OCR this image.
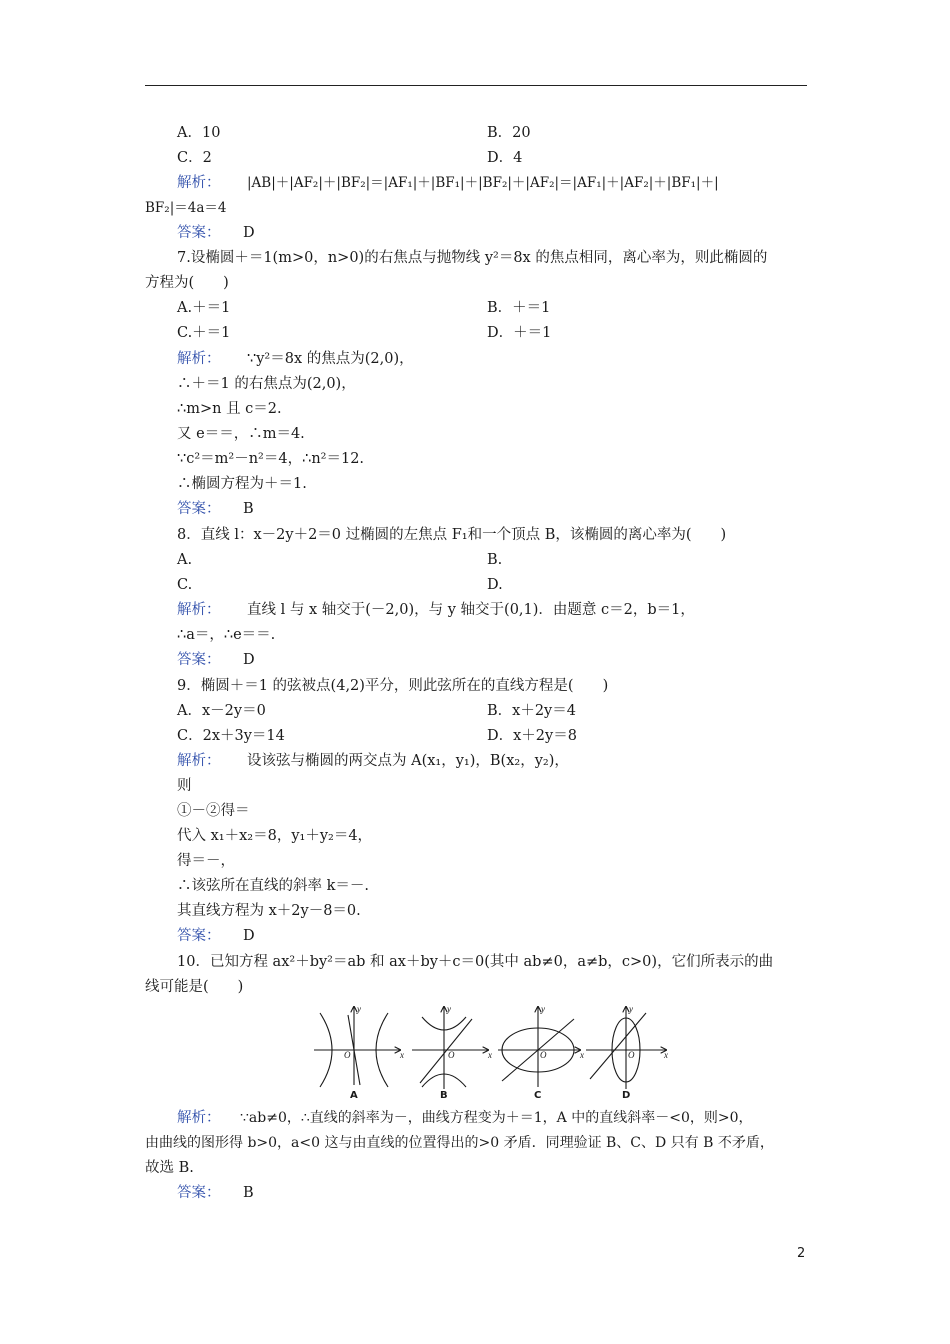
A．10	B．20
C．2	D．4
解析： |AB|＋|AF₂|＋|BF₂|＝|AF₁|＋|BF₁|＋|BF₂|＋|AF₂|＝|AF₁|＋|AF₂|＋|BF₁|＋|
BF₂|＝4a＝4
答案： D
7.设椭圆＋＝1(m>0，n>0)的右焦点与抛物线 y²＝8x 的焦点相同，离心率为，则此椭圆的
方程为(　　)
A.＋＝1	B．＋＝1
C.＋＝1	D．＋＝1
解析： ∵y²＝8x 的焦点为(2,0)，
∴＋＝1 的右焦点为(2,0)，
∴m>n 且 c＝2.
又 e＝＝，∴m＝4.
∵c²＝m²－n²＝4，∴n²＝12.
∴椭圆方程为＋＝1.
答案： B
8．直线 l：x－2y＋2＝0 过椭圆的左焦点 F₁和一个顶点 B，该椭圆的离心率为(　　)
A.	B.
C.	D.
解析： 直线 l 与 x 轴交于(－2,0)，与 y 轴交于(0,1)．由题意 c＝2，b＝1，
∴a＝，∴e＝＝.
答案： D
9．椭圆＋＝1 的弦被点(4,2)平分，则此弦所在的直线方程是(　　)
A．x－2y＝0	B．x＋2y＝4
C．2x＋3y＝14	D．x＋2y＝8
解析： 设该弦与椭圆的两交点为 A(x₁，y₁)，B(x₂，y₂)，
则
①－②得＝
代入 x₁＋x₂＝8，y₁＋y₂＝4，
得＝－，
∴该弦所在直线的斜率 k＝－.
其直线方程为 x＋2y－8＝0.
答案： D
10．已知方程 ax²＋by²＝ab 和 ax＋by＋c＝0(其中 ab≠0，a≠b，c>0)，它们所表示的曲
线可能是(　　)
O	x
y
A
O	x
y
B
O	x
y
C
O	x
y
D
解析： ∵ab≠0，∴直线的斜率为－，曲线方程变为＋＝1，A 中的直线斜率－<0，则>0，
由曲线的图形得 b>0，a<0 这与由直线的位置得出的>0 矛盾．同理验证 B、C、D 只有 B 不矛盾，
故选 B.
答案： B
2
